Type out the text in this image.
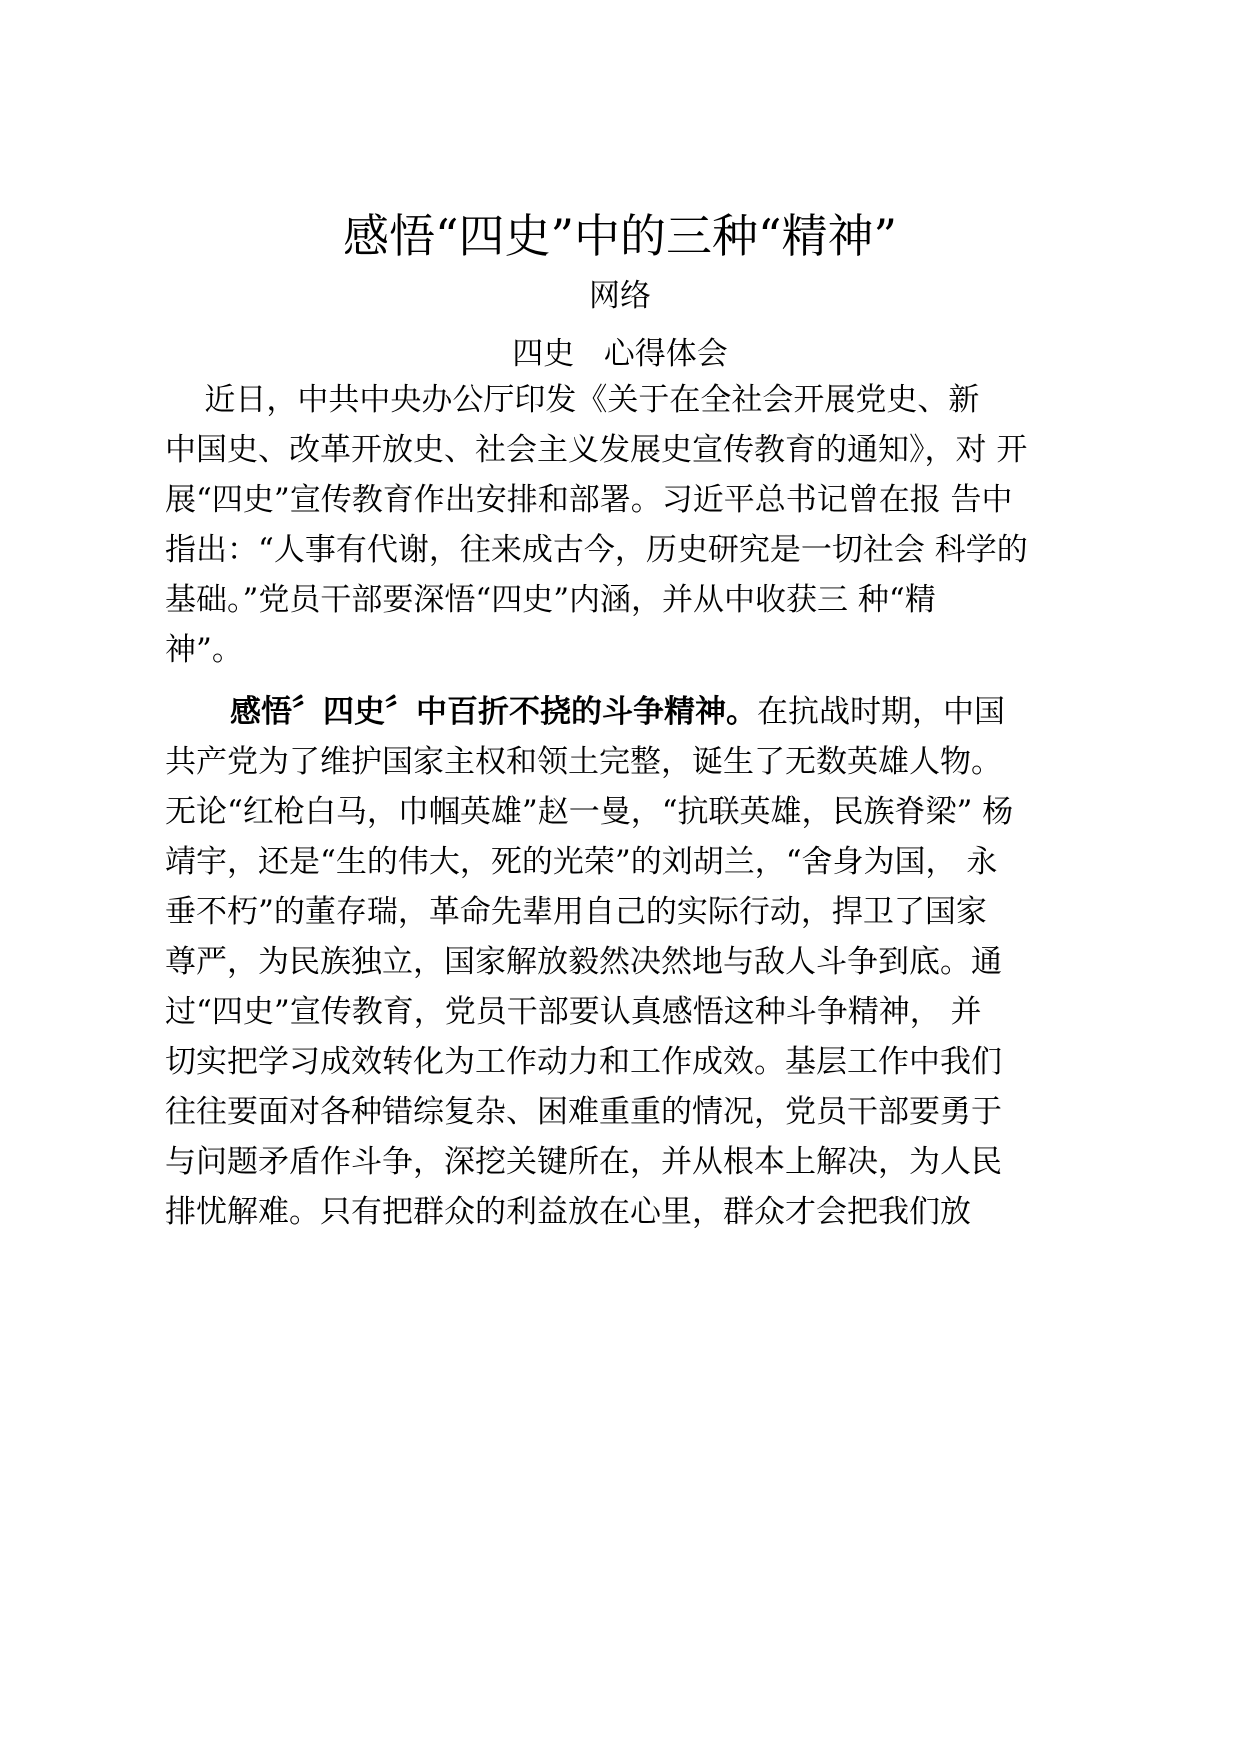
感悟“四史”中的三种“精神”
网络
四史   心得体会
近日，中共中央办公厅印发《关于在全社会开展党史、新
中国史、改革开放史、社会主义发展史宣传教育的通知》，对 开
展“四史”宣传教育作出安排和部署。习近平总书记曾在报 告中
指出：“人事有代谢，往来成古今，历史研究是一切社会 科学的
基础。”党员干部要深悟“四史”内涵，并从中收获三 种“精
神”。
感悟〞四史〞中百折不挠的斗争精神。在抗战时期，中国
共产党为了维护国家主权和领土完整，诞生了无数英雄人物。
无论“红枪白马，巾帼英雄”赵一曼，“抗联英雄，民族脊梁” 杨
靖宇，还是“生的伟大，死的光荣”的刘胡兰，“舍身为国， 永
垂不朽”的董存瑞，革命先辈用自己的实际行动，捍卫了国家
尊严，为民族独立，国家解放毅然决然地与敌人斗争到底。通
过“四史”宣传教育，党员干部要认真感悟这种斗争精神， 并
切实把学习成效转化为工作动力和工作成效。基层工作中我们
往往要面对各种错综复杂、困难重重的情况，党员干部要勇于
与问题矛盾作斗争，深挖关键所在，并从根本上解决，为人民
排忧解难。只有把群众的利益放在心里，群众才会把我们放
